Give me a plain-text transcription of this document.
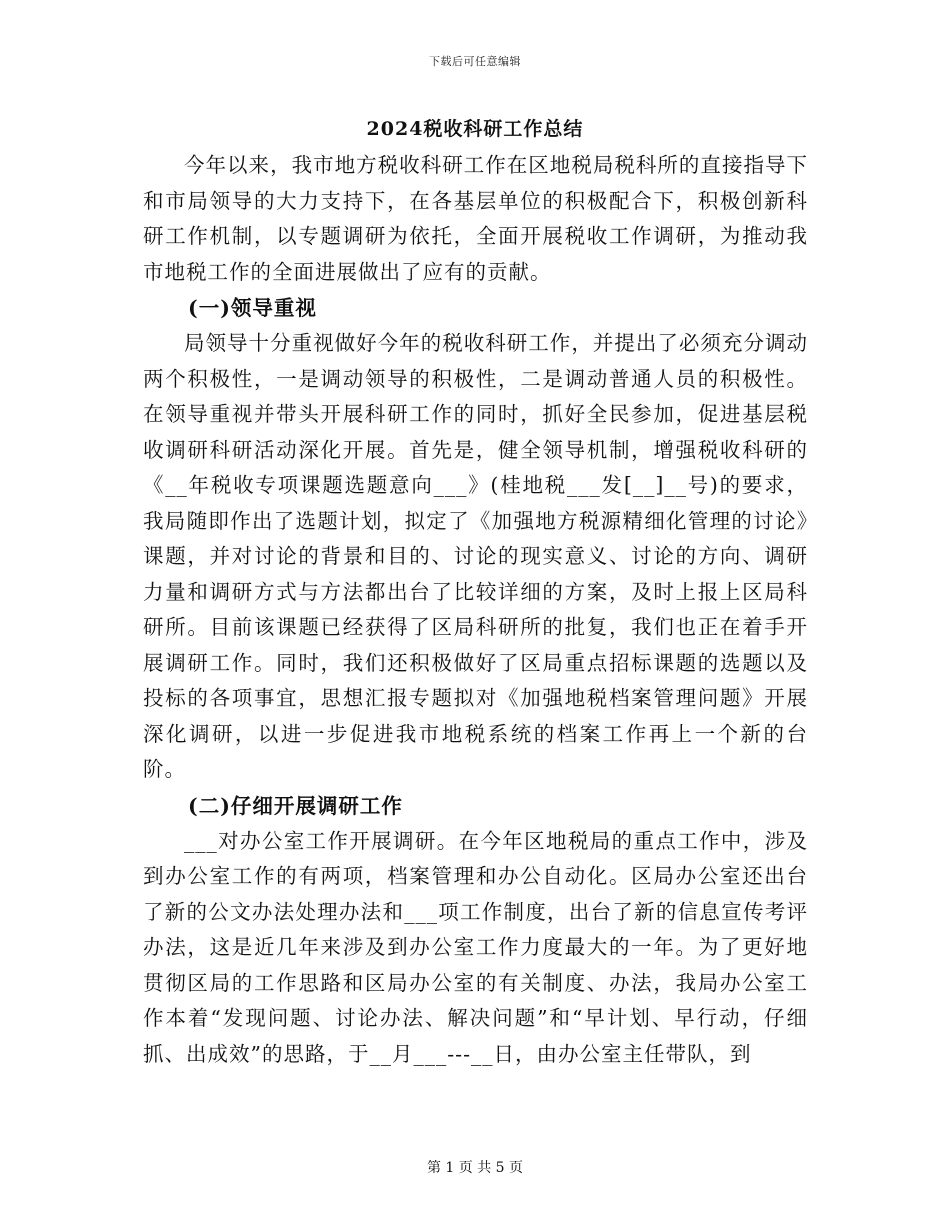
下载后可任意编辑
2024税收科研工作总结

今年以来，我市地方税收科研工作在区地税局税科所的直接指导下和市局领导的大力支持下，在各基层单位的积极配合下，积极创新科研工作机制，以专题调研为依托，全面开展税收工作调研，为推动我市地税工作的全面进展做出了应有的贡献。

(一)领导重视

局领导十分重视做好今年的税收科研工作，并提出了必须充分调动两个积极性，一是调动领导的积极性，二是调动普通人员的积极性。在领导重视并带头开展科研工作的同时，抓好全民参加，促进基层税收调研科研活动深化开展。首先是，健全领导机制，增强税收科研的《__年税收专项课题选题意向___》(桂地税___发[__]__号)的要求，我局随即作出了选题计划，拟定了《加强地方税源精细化管理的讨论》课题，并对讨论的背景和目的、讨论的现实意义、讨论的方向、调研力量和调研方式与方法都出台了比较详细的方案，及时上报上区局科研所。目前该课题已经获得了区局科研所的批复，我们也正在着手开展调研工作。同时，我们还积极做好了区局重点招标课题的选题以及投标的各项事宜，思想汇报专题拟对《加强地税档案管理问题》开展深化调研，以进一步促进我市地税系统的档案工作再上一个新的台阶。

(二)仔细开展调研工作

___对办公室工作开展调研。在今年区地税局的重点工作中，涉及到办公室工作的有两项，档案管理和办公自动化。区局办公室还出台了新的公文办法处理办法和___项工作制度，出台了新的信息宣传考评办法，这是近几年来涉及到办公室工作力度最大的一年。为了更好地贯彻区局的工作思路和区局办公室的有关制度、办法，我局办公室工作本着“发现问题、讨论办法、解决问题”和“早计划、早行动，仔细抓、出成效”的思路，于__月___---__日，由办公室主任带队，到

第 1 页 共 5 页
